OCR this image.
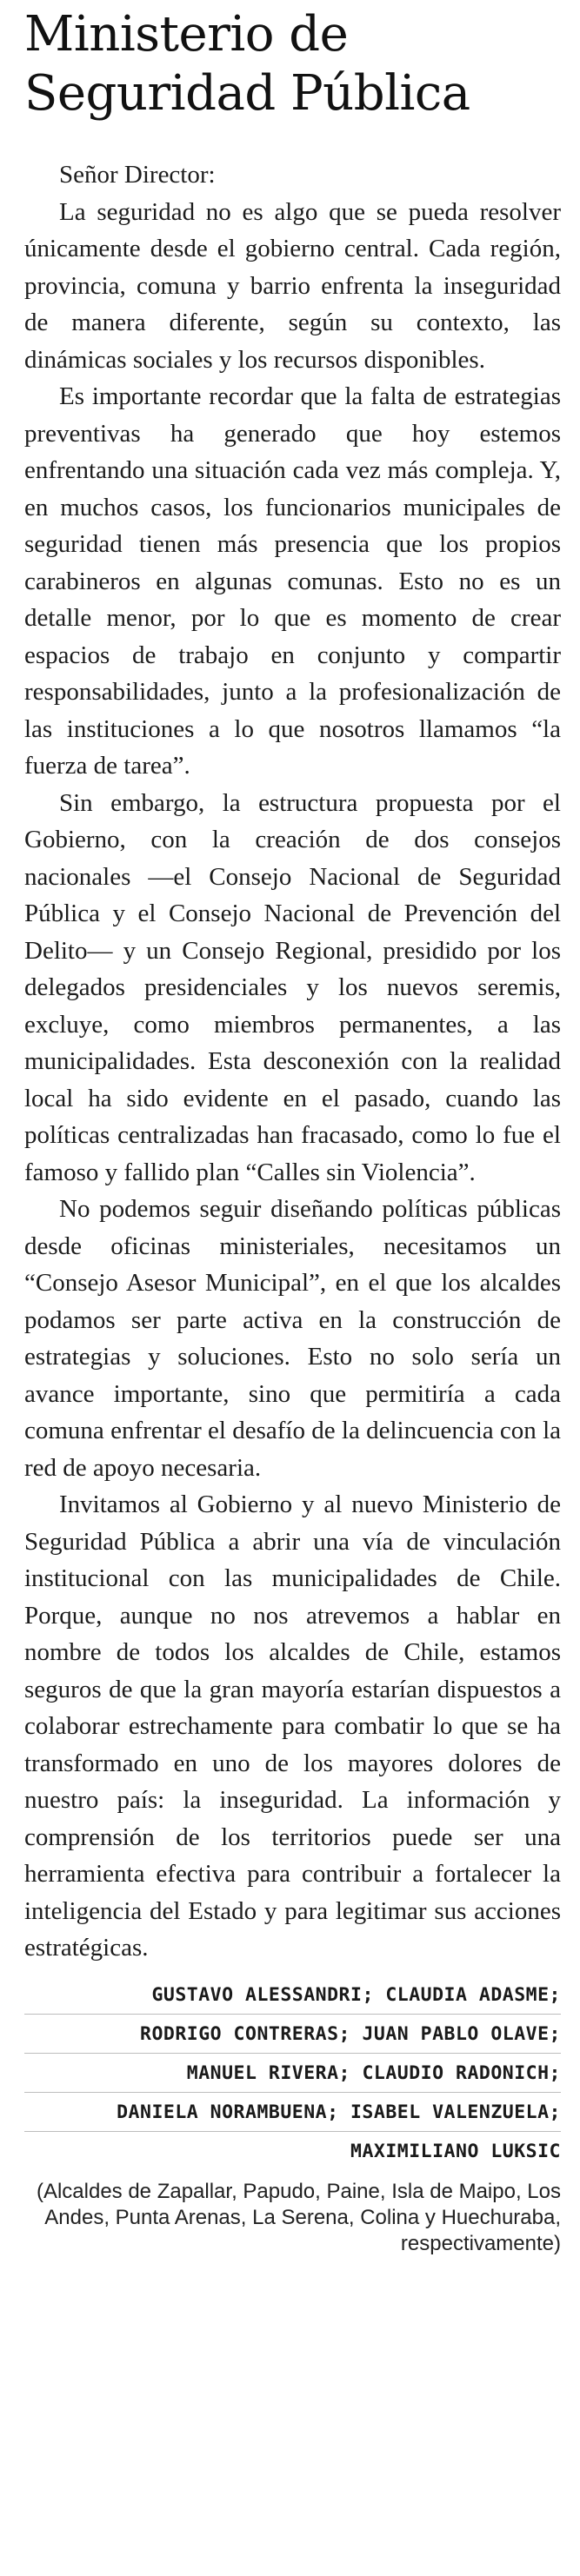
Ministerio de Seguridad Pública

Señor Director:

La seguridad no es algo que se pueda resolver únicamente desde el gobierno central. Cada región, provincia, comuna y barrio enfrenta la inseguridad de manera diferente, según su contexto, las dinámicas sociales y los recursos disponibles.

Es importante recordar que la falta de estrategias preventivas ha generado que hoy estemos enfrentando una situación cada vez más compleja. Y, en muchos casos, los funcionarios municipales de seguridad tienen más presencia que los propios carabineros en algunas comunas. Esto no es un detalle menor, por lo que es momento de crear espacios de trabajo en conjunto y compartir responsabilidades, junto a la profesionalización de las instituciones a lo que nosotros llamamos “la fuerza de tarea”.

Sin embargo, la estructura propuesta por el Gobierno, con la creación de dos consejos nacionales —el Consejo Nacional de Seguridad Pública y el Consejo Nacional de Prevención del Delito— y un Consejo Regional, presidido por los delegados presidenciales y los nuevos seremis, excluye, como miembros permanentes, a las municipalidades. Esta desconexión con la realidad local ha sido evidente en el pasado, cuando las políticas centralizadas han fracasado, como lo fue el famoso y fallido plan “Calles sin Violencia”.

No podemos seguir diseñando políticas públicas desde oficinas ministeriales, necesitamos un “Consejo Asesor Municipal”, en el que los alcaldes podamos ser parte activa en la construcción de estrategias y soluciones. Esto no solo sería un avance importante, sino que permitiría a cada comuna enfrentar el desafío de la delincuencia con la red de apoyo necesaria.

Invitamos al Gobierno y al nuevo Ministerio de Seguridad Pública a abrir una vía de vinculación institucional con las municipalidades de Chile. Porque, aunque no nos atrevemos a hablar en nombre de todos los alcaldes de Chile, estamos seguros de que la gran mayoría estarían dispuestos a colaborar estrechamente para combatir lo que se ha transformado en uno de los mayores dolores de nuestro país: la inseguridad. La información y comprensión de los territorios puede ser una herramienta efectiva para contribuir a fortalecer la inteligencia del Estado y para legitimar sus acciones estratégicas.

GUSTAVO ALESSANDRI; CLAUDIA ADASME;
RODRIGO CONTRERAS; JUAN PABLO OLAVE;
MANUEL RIVERA; CLAUDIO RADONICH;
DANIELA NORAMBUENA; ISABEL VALENZUELA;
MAXIMILIANO LUKSIC
(Alcaldes de Zapallar, Papudo, Paine, Isla de Maipo, Los Andes, Punta Arenas, La Serena, Colina y Huechuraba, respectivamente)
